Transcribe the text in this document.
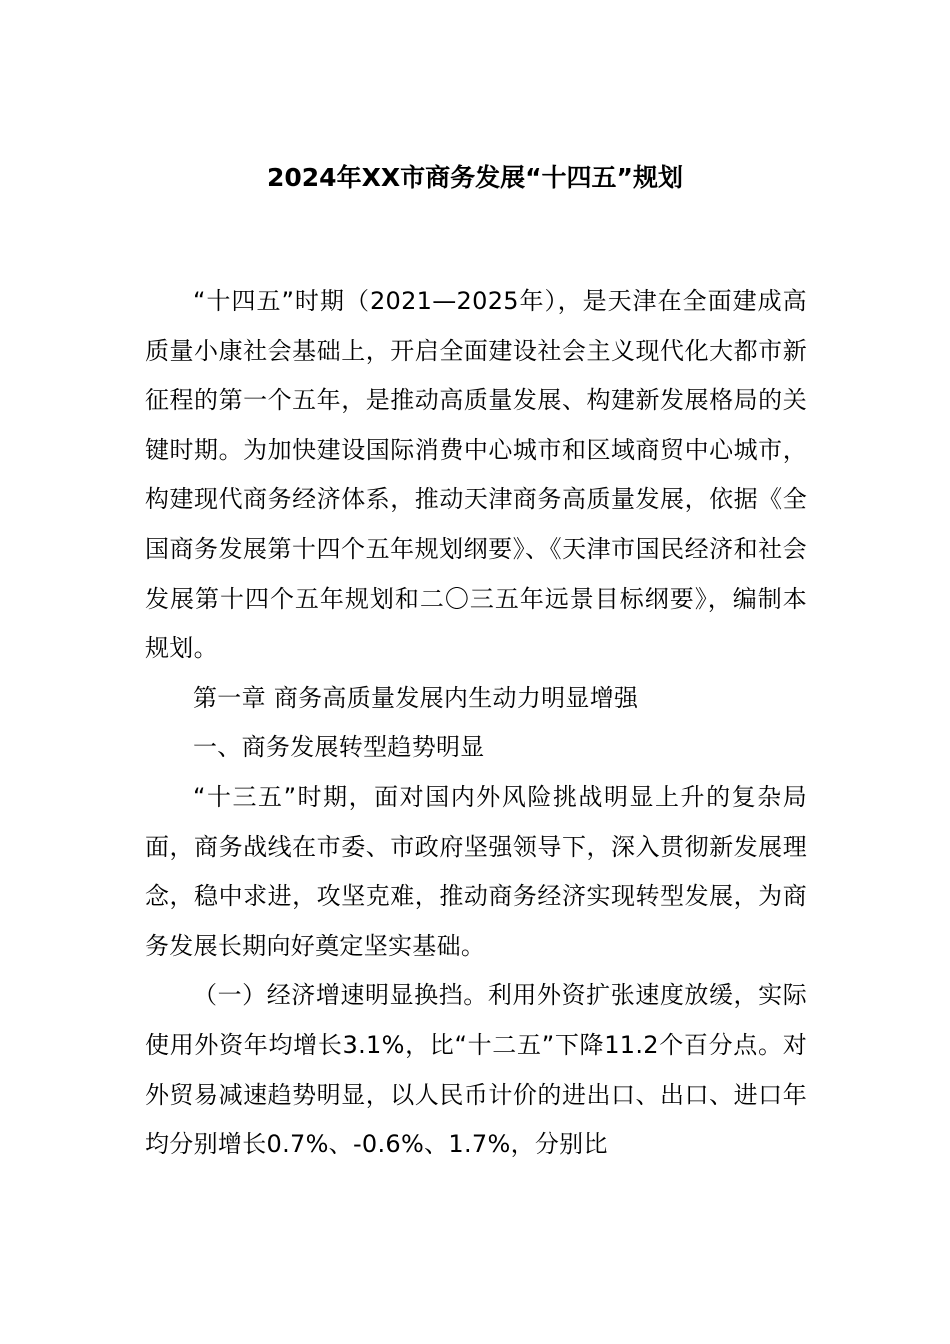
2024年XX市商务发展“十四五”规划

“十四五”时期（2021—2025年），是天津在全面建成高质量小康社会基础上，开启全面建设社会主义现代化大都市新征程的第一个五年，是推动高质量发展、构建新发展格局的关键时期。为加快建设国际消费中心城市和区域商贸中心城市，构建现代商务经济体系，推动天津商务高质量发展，依据《全国商务发展第十四个五年规划纲要》、《天津市国民经济和社会发展第十四个五年规划和二〇三五年远景目标纲要》，编制本规划。

第一章 商务高质量发展内生动力明显增强

一、商务发展转型趋势明显

“十三五”时期，面对国内外风险挑战明显上升的复杂局面，商务战线在市委、市政府坚强领导下，深入贯彻新发展理念，稳中求进，攻坚克难，推动商务经济实现转型发展，为商务发展长期向好奠定坚实基础。

（一）经济增速明显换挡。利用外资扩张速度放缓，实际使用外资年均增长3.1%，比“十二五”下降11.2个百分点。对外贸易减速趋势明显，以人民币计价的进出口、出口、进口年均分别增长0.7%、-0.6%、1.7%，分别比
